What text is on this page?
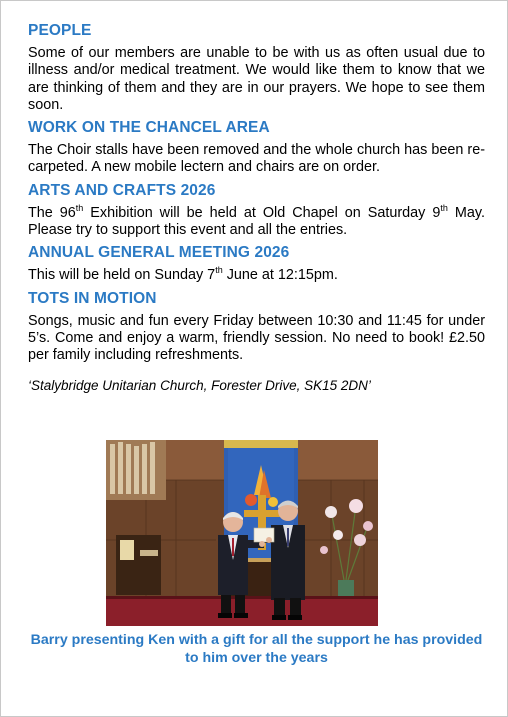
PEOPLE

Some of our members are unable to be with us as often usual due to illness and/or medical treatment. We would like them to know that we are thinking of them and they are in our prayers. We hope to see them soon.

WORK ON THE CHANCEL AREA

The Choir stalls have been removed and the whole church has been re-carpeted. A new mobile lectern and chairs are on order.

ARTS AND CRAFTS 2026

The 96th Exhibition will be held at Old Chapel on Saturday 9th May. Please try to support this event and all the entries.

ANNUAL GENERAL MEETING 2026

This will be held on Sunday 7th June at 12:15pm.

TOTS IN MOTION

Songs, music and fun every Friday between 10:30 and 11:45 for under 5’s. Come and enjoy a warm, friendly session. No need to book! £2.50 per family including refreshments.

‘Stalybridge Unitarian Church, Forester Drive, SK15 2DN’

Barry presenting Ken with a gift for all the support he has provided to him over the years
